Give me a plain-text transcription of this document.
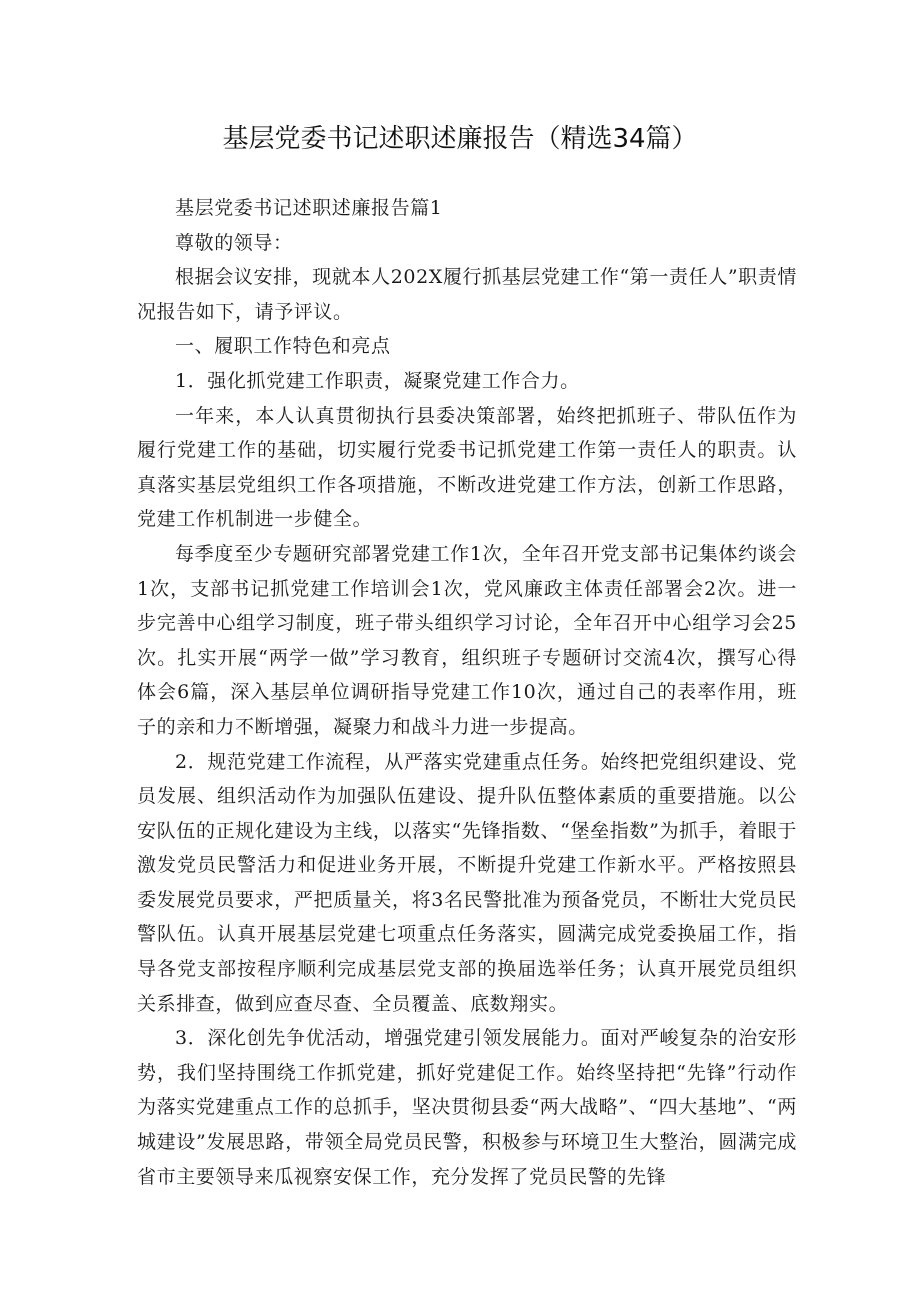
基层党委书记述职述廉报告（精选34篇）

基层党委书记述职述廉报告篇1

尊敬的领导：

根据会议安排，现就本人202X履行抓基层党建工作“第一责任人”职责情况报告如下，请予评议。

一、履职工作特色和亮点

1．强化抓党建工作职责，凝聚党建工作合力。

一年来，本人认真贯彻执行县委决策部署，始终把抓班子、带队伍作为履行党建工作的基础，切实履行党委书记抓党建工作第一责任人的职责。认真落实基层党组织工作各项措施，不断改进党建工作方法，创新工作思路，党建工作机制进一步健全。

每季度至少专题研究部署党建工作1次，全年召开党支部书记集体约谈会1次，支部书记抓党建工作培训会1次，党风廉政主体责任部署会2次。进一步完善中心组学习制度，班子带头组织学习讨论，全年召开中心组学习会25次。扎实开展“两学一做”学习教育，组织班子专题研讨交流4次，撰写心得体会6篇，深入基层单位调研指导党建工作10次，通过自己的表率作用，班子的亲和力不断增强，凝聚力和战斗力进一步提高。

2．规范党建工作流程，从严落实党建重点任务。始终把党组织建设、党员发展、组织活动作为加强队伍建设、提升队伍整体素质的重要措施。以公安队伍的正规化建设为主线，以落实“先锋指数、“堡垒指数”为抓手，着眼于激发党员民警活力和促进业务开展，不断提升党建工作新水平。严格按照县委发展党员要求，严把质量关，将3名民警批准为预备党员，不断壮大党员民警队伍。认真开展基层党建七项重点任务落实，圆满完成党委换届工作，指导各党支部按程序顺利完成基层党支部的换届选举任务；认真开展党员组织关系排查，做到应查尽查、全员覆盖、底数翔实。

3．深化创先争优活动，增强党建引领发展能力。面对严峻复杂的治安形势，我们坚持围绕工作抓党建，抓好党建促工作。始终坚持把“先锋”行动作为落实党建重点工作的总抓手，坚决贯彻县委“两大战略”、“四大基地”、“两城建设”发展思路，带领全局党员民警，积极参与环境卫生大整治，圆满完成省市主要领导来瓜视察安保工作，充分发挥了党员民警的先锋
